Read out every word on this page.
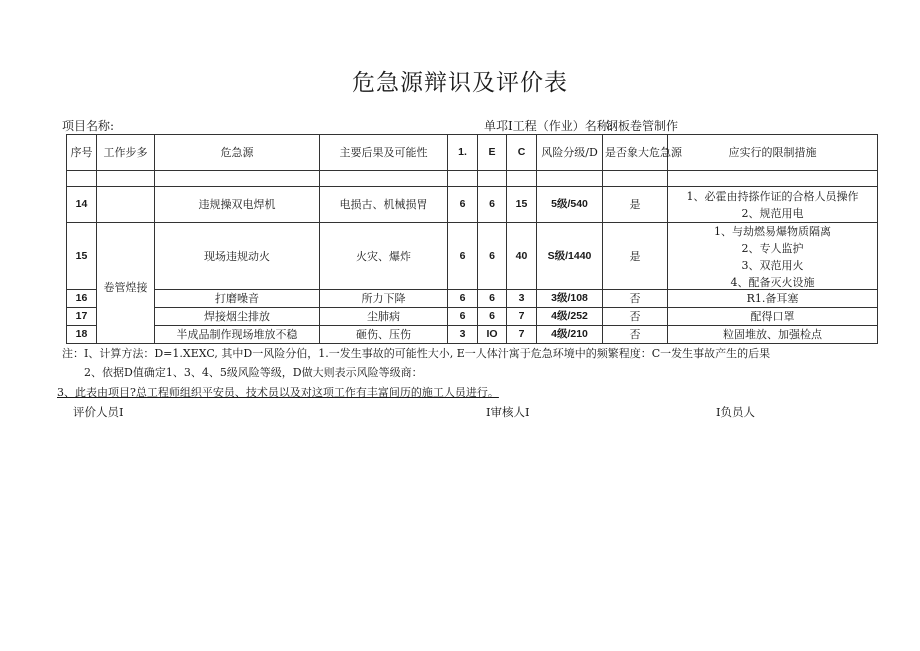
危急源辩识及评价表
项目名称:	单邛I工程（作业）名称:
钢板卷管制作
序号	工作步多	危急源	主要后果及可能性	1.	E	C	风险分级/D	是否象大危急源	应实行的限制措施

14		违规操双电焊机	电损古、机械损胃	6	6	15	5级/540	是	1、必霍由持搽作证的合格人员操作
2、规范用电

15	卷管煌接	现场违规动火	火灾、爆炸	6	6	40	S级/1440	是	1、与劫燃易爆物质隔离
2、专人监护
3、双范用火
4、配备灭火设施

16		打磨噪音	所力下降	6	6	3	3级/108	否	R1.备耳塞
17		焊接烟尘排放	尘肺病	6	6	7	4级/252	否	配得口罩
18		半成品制作现场堆放不稳	砸伤、压伤	3	IO	7	4级/210	否	粒固堆放、加强检点
注：I、计算方法：D=1.XEXC, 其中D一风险分伯，1.一发生事故的可能性大小, E一人体汁寓于危急环境中的频繁程度：C一发生事故产生的后果
2、依据D值确定1、3、4、5级风险等级，D做大则表示风险等级商：
3、此表由项目?总工程师组织平安员、技术员以及对这项工作有丰富间历的施工人员进行。
评价人员I	I审核人I	I负员人
